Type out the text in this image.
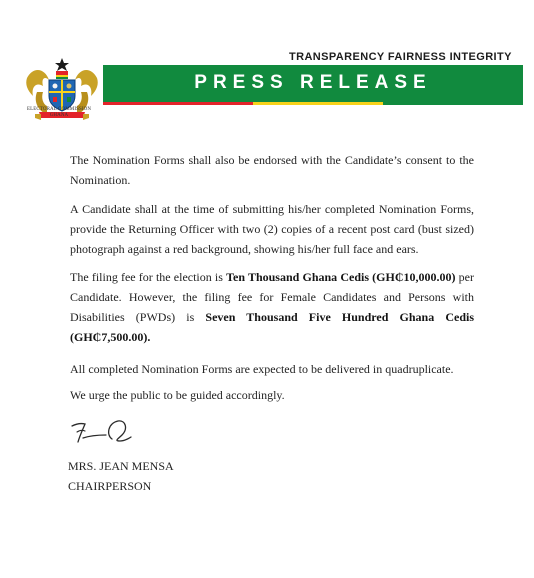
TRANSPARENCY FAIRNESS INTEGRITY
ELECTORAL COMMISSION
GHANA
PRESS RELEASE

The Nomination Forms shall also be endorsed with the Candidate’s consent to the Nomination.

A Candidate shall at the time of submitting his/her completed Nomination Forms, provide the Returning Officer with two (2) copies of a recent post card (bust sized) photograph against a red background, showing his/her full face and ears.

The filing fee for the election is Ten Thousand Ghana Cedis (GH₵10,000.00) per Candidate. However, the filing fee for Female Candidates and Persons with Disabilities (PWDs) is Seven Thousand Five Hundred Ghana Cedis (GH₵7,500.00).

All completed Nomination Forms are expected to be delivered in quadruplicate.

We urge the public to be guided accordingly.

MRS. JEAN MENSA
CHAIRPERSON
